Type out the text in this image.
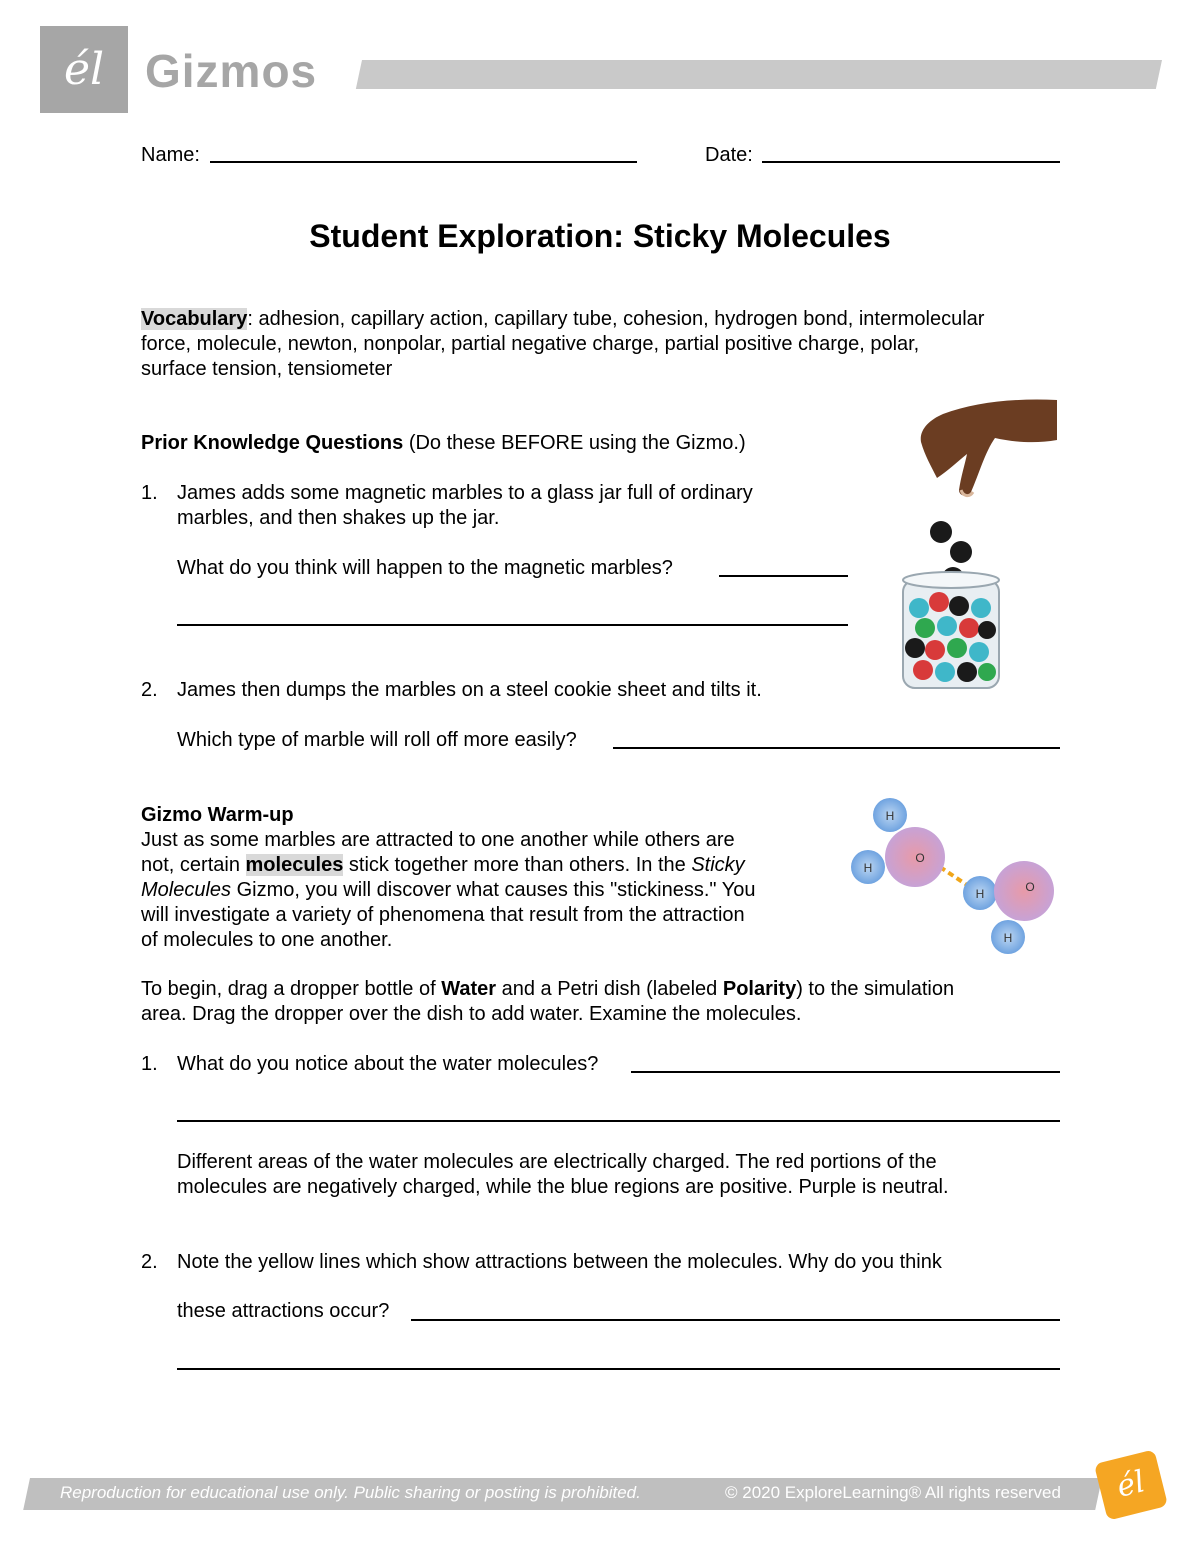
él Gizmos
Name:	Date:
Student Exploration: Sticky Molecules
Vocabulary: adhesion, capillary action, capillary tube, cohesion, hydrogen bond, intermolecular
force, molecule, newton, nonpolar, partial negative charge, partial positive charge, polar,
surface tension, tensiometer
Prior Knowledge Questions (Do these BEFORE using the Gizmo.)
1. James adds some magnetic marbles to a glass jar full of ordinary
marbles, and then shakes up the jar.
What do you think will happen to the magnetic marbles?
2. James then dumps the marbles on a steel cookie sheet and tilts it.
Which type of marble will roll off more easily?
Gizmo Warm-up
Just as some marbles are attracted to one another while others are
not, certain molecules stick together more than others. In the Sticky
Molecules Gizmo, you will discover what causes this "stickiness." You
will investigate a variety of phenomena that result from the attraction
of molecules to one another.
H
H
O
H
H
O
To begin, drag a dropper bottle of Water and a Petri dish (labeled Polarity) to the simulation
area. Drag the dropper over the dish to add water. Examine the molecules.
1. What do you notice about the water molecules?
Different areas of the water molecules are electrically charged. The red portions of the
molecules are negatively charged, while the blue regions are positive. Purple is neutral.
2. Note the yellow lines which show attractions between the molecules. Why do you think
these attractions occur?
Reproduction for educational use only. Public sharing or posting is prohibited.	© 2020 ExploreLearning® All rights reserved	él
